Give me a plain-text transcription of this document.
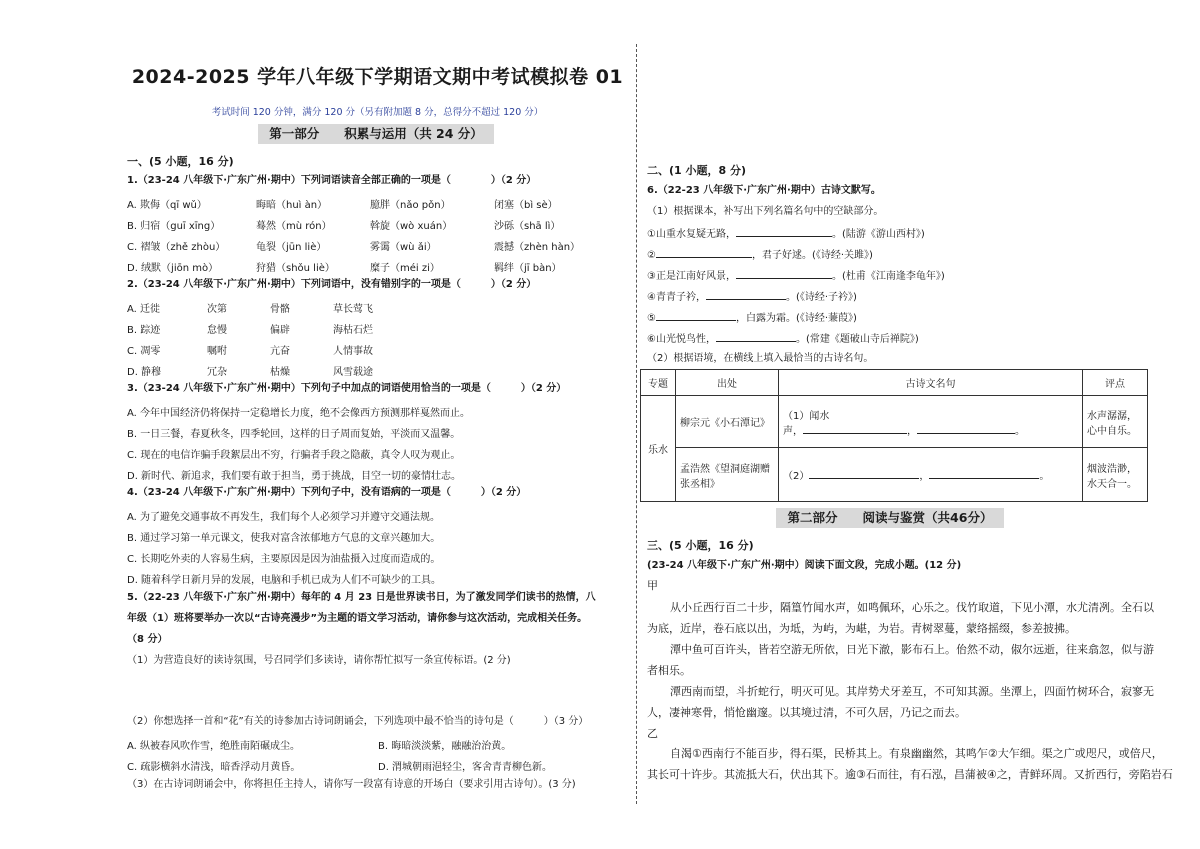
2024-2025 学年八年级下学期语文期中考试模拟卷 01
考试时间 120 分钟，满分 120 分（另有附加题 8 分，总得分不超过 120 分）
第一部分　　积累与运用（共 24 分）
一、(5 小题，16 分)
1.（23-24 八年级下·广东广州·期中）下列词语读音全部正确的一项是（　　　　）（2 分）
A. 欺侮（qī wǔ）	晦暗（huì àn）	臆胖（nǎo pǒn）	闭塞（bì sè）
B. 归宿（guī xīng）	蓦然（mù rón）	斡旋（wò xuán）	沙砾（shā lì）
C. 褶皱（zhě zhòu）	龟裂（jūn liè）	雾霭（wù ǎi）	震撼（zhèn hàn）
D. 绒默（jiōn mò）	狩猎（shǒu liè）	糜子（méi zi）	羁绊（jī bàn）
2.（23-24 八年级下·广东广州·期中）下列词语中，没有错别字的一项是（　　　）（2 分）
A. 迁徙	次第	骨骼	草长莺飞
B. 踪迹	怠慢	偏辟	海枯石烂
C. 凋零	嘱咐	亢奋	人情事故
D. 静穆	冗杂	枯燥	风雪载途
3.（23-24 八年级下·广东广州·期中）下列句子中加点的词语使用恰当的一项是（　　　）（2 分）
A. 今年中国经济仍将保持一定稳增长力度，绝不会像西方预测那样戛然而止。
B. 一日三餐，春夏秋冬，四季轮回，这样的日子周而复始，平淡而又温馨。
C. 现在的电信诈骗手段絮层出不穷，行骗者手段之隐蔽，真令人叹为观止。
D. 新时代、新追求，我们要有敢于担当，勇于挑战，目空一切的豪情壮志。
4.（23-24 八年级下·广东广州·期中）下列句子中，没有语病的一项是（　　　）（2 分）
A. 为了避免交通事故不再发生，我们每个人必须学习并遵守交通法规。
B. 通过学习第一单元课文，使我对富含浓郁地方气息的文章兴趣加大。
C. 长期吃外卖的人容易生病，主要原因是因为油盐摄入过度而造成的。
D. 随着科学日新月异的发展，电脑和手机已成为人们不可缺少的工具。
5.（22-23 八年级下·广东广州·期中）每年的 4 月 23 日是世界读书日，为了激发同学们读书的热情，八
年级（1）班将要举办一次以“古诗亮漫步”为主题的语文学习活动，请你参与这次活动，完成相关任务。
（8 分）
（1）为营造良好的读诗氛围，号召同学们多读诗，请你帮忙拟写一条宣传标语。(2 分)
（2）你想选择一首和“花”有关的诗参加古诗词朗诵会，下列选项中最不恰当的诗句是（　　　）（3 分）
A. 纵被春风吹作雪，绝胜南陌碾成尘。	B. 晦暗淡淡紫，融融治治黄。
C. 疏影横斜水清浅，暗香浮动月黄昏。	D. 渭城朝雨浥轻尘，客舍青青柳色新。
（3）在古诗词朗诵会中，你将担任主持人，请你写一段富有诗意的开场白（要求引用古诗句）。(3 分)
二、(1 小题，8 分)
6.（22-23 八年级下·广东广州·期中）古诗文默写。
（1）根据课本，补写出下列名篇名句中的空缺部分。
①山重水复疑无路，	。(陆游《游山西村》)
②	，君子好逑。(《诗经·关雎》)
③正是江南好风景，	。(杜甫《江南逢李龟年》)
④青青子衿，	。(《诗经·子衿》)
⑤	，白露为霜。(《诗经·蒹葭》)
⑥山光悦鸟性，	。(常建《题破山寺后禅院》)
（2）根据语境，在横线上填入最恰当的古诗名句。
专题	出处	古诗文名句	评点
乐水	柳宗元《小石潭记》	（1）闻水
声， ， 。	水声潺潺，心中自乐。
	孟浩然《望洞庭湖赠张丞相》	（2） ， 。	烟波浩渺，水天合一。
第二部分　　阅读与鉴赏（共46分）
三、(5 小题，16 分)
(23-24 八年级下·广东广州·期中）阅读下面文段，完成小题。(12 分)
甲
从小丘西行百二十步，隔篁竹闻水声，如鸣佩环，心乐之。伐竹取道，下见小潭，水尤清冽。全石以
为底，近岸，卷石底以出，为坻，为屿，为嵁，为岩。青树翠蔓，蒙络摇缀，参差披拂。
潭中鱼可百许头，皆若空游无所依，日光下澈，影布石上。佁然不动，俶尔远逝，往来翕忽，似与游
者相乐。
潭西南而望，斗折蛇行，明灭可见。其岸势犬牙差互，不可知其源。坐潭上，四面竹树环合，寂寥无
人，凄神寒骨，悄怆幽邃。以其境过清，不可久居，乃记之而去。
乙
自渴①西南行不能百步，得石渠，民桥其上。有泉幽幽然，其鸣乍②大乍细。渠之广或咫尺，或倍尺，
其长可十许步。其流抵大石，伏出其下。逾③石而往，有石泓，昌蒲被④之，青鲜环周。又折西行，旁陷岩石
